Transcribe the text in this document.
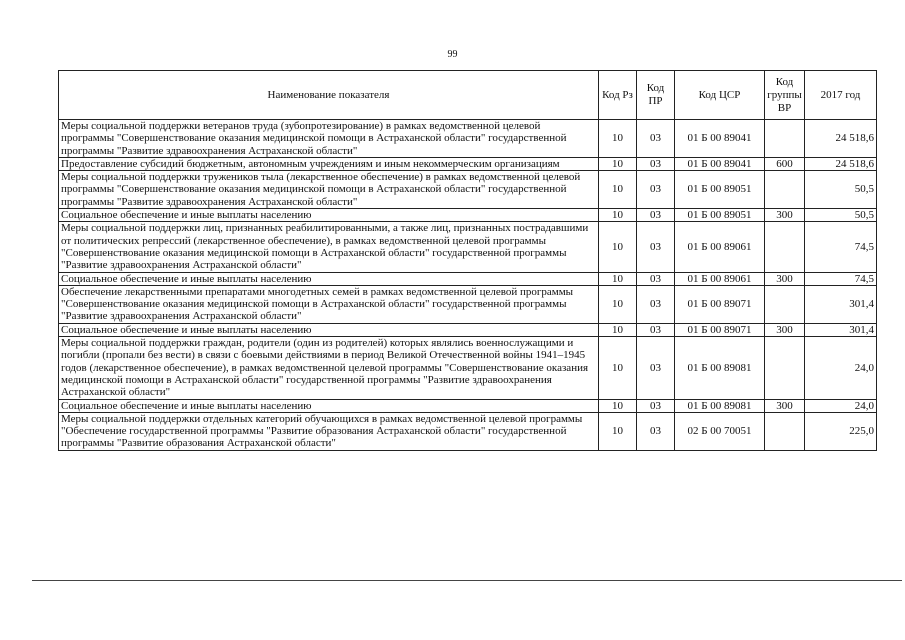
99
Наименование показателя	Код Рз	Код ПР	Код ЦСР	Код группы ВР	2017 год
Меры социальной поддержки ветеранов труда (зубопротезирование) в рамках ведомственной целевой программы "Совершенствование оказания медицинской помощи в Астраханской области" государственной программы "Развитие здравоохранения Астраханской области"	10	03	01 Б 00 89041		24 518,6
Предоставление субсидий бюджетным, автономным учреждениям и иным некоммерческим организациям	10	03	01 Б 00 89041	600	24 518,6
Меры социальной поддержки тружеников тыла (лекарственное обеспечение) в рамках ведомственной целевой программы "Совершенствование оказания медицинской помощи в Астраханской области" государственной программы "Развитие здравоохранения Астраханской области"	10	03	01 Б 00 89051		50,5
Социальное обеспечение и иные выплаты населению	10	03	01 Б 00 89051	300	50,5
Меры социальной поддержки лиц, признанных реабилитированными, а также лиц, признанных пострадавшими от политических репрессий (лекарственное обеспечение), в рамках ведомственной целевой программы "Совершенствование оказания медицинской помощи в Астраханской области" государственной программы "Развитие здравоохранения Астраханской области"	10	03	01 Б 00 89061		74,5
Социальное обеспечение и иные выплаты населению	10	03	01 Б 00 89061	300	74,5
Обеспечение лекарственными препаратами многодетных семей в рамках ведомственной целевой программы "Совершенствование оказания медицинской помощи в Астраханской области" государственной программы "Развитие здравоохранения Астраханской области"	10	03	01 Б 00 89071		301,4
Социальное обеспечение и иные выплаты населению	10	03	01 Б 00 89071	300	301,4
Меры социальной поддержки граждан, родители (один из родителей) которых являлись военнослужащими и погибли (пропали без вести) в связи с боевыми действиями в период Великой Отечественной войны 1941–1945 годов (лекарственное обеспечение), в рамках ведомственной целевой программы "Совершенствование оказания медицинской помощи в Астраханской области" государственной программы "Развитие здравоохранения Астраханской области"	10	03	01 Б 00 89081		24,0
Социальное обеспечение и иные выплаты населению	10	03	01 Б 00 89081	300	24,0
Меры социальной поддержки отдельных категорий обучающихся в рамках ведомственной целевой программы "Обеспечение государственной программы "Развитие образования Астраханской области" государственной программы "Развитие образования Астраханской области"	10	03	02 Б 00 70051		225,0
